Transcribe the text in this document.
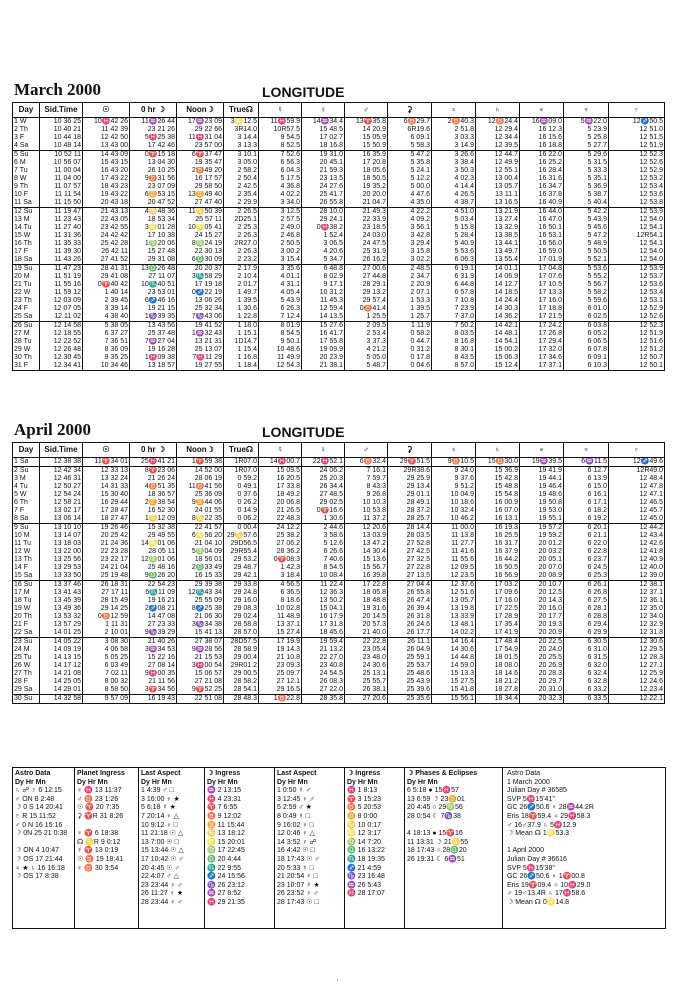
March 2000	LONGITUDE
Day	Sid.Time	☉	0 hr ☽	Noon☽	True☊	☿	♀	♂	⚳	♃	♄	♅	♆	♇
1 W	10 36 25	10♓42 26	11♒26 44	17♒23 09	3♌12.5	11♓59.9	14♒34.4	13♈35.8	6♉29.7	2♉40.3	12♉24.4	16♒09.0	5♒22.0	12♐50.5
2 Th	10 40 21	11 42 39	23 21 26	29 22 66	3R14.0	10R57.5	15 48.5	14 20.9	6R19.6	2 51.8	12 29.4	16 12.3	5 23.9	12 51.0
3 F	10 44 18	12 42 50	5♓25 38	11♓31 04	3 14.4	9 54.5	17 02.7	15 05.9	6 09.1	3 03.3	12 34.4	16 15.6	5 25.8	12 51.5
4 Sa	10 48 14	13 43 00	17 42 46	23 57 00	3 13.3	8 52.5	18 16.8	15 50.9	5 58.3	3 14.9	12 39.5	16 18.8	5 27.7	12 51.9
5 Su	10 52 11	14 43 09	0♈15 18	6♈37 47	3 10.1	7 52.6	19 31.0	16 35.9	5 47.2	3 26.6	12 44.7	16 22.0	5 29.6	12 52.3
6 M	10 56 07	15 43 15	13 04 30	19 35 47	3 05.0	6 56.3	20 45.1	17 20.8	5 35.8	3 38.4	12 49.9	16 25.2	5 31.5	12 52.6
7 Tu	11 00 04	16 43 20	26 10 25	2♉49 20	2 58.2	6 04.3	21 59.3	18 05.6	5 24.1	3 50.3	12 55.1	16 28.4	5 33.3	12 52.9
8 W	11 04 00	17 43 22	9♉31 56	16 17 57	2 50.4	5 17.5	23 13.5	18 50.5	5 12.2	4 02.3	13 00.4	16 31.6	5 35.1	12 53.2
9 Th	11 07 57	18 43 23	23 07 09	29 58 50	2 42.5	4 36.8	24 27.6	19 35.2	5 00.0	4 14.4	13 05.7	16 34.7	5 36.9	12 53.4
10 F	11 11 54	19 43 22	6♊53 15	13♊49 40	2 35.4	4 02.2	25 41.7	20 20.0	4 47.6	4 26.5	13 11.1	16 37.8	5 38.7	12 53.6
11 Sa	11 15 50	20 43 18	20 47 52	27 47 40	2 29.9	3 34.0	26 55.8	21 04.7	4 35.0	4 38.7	13 16.5	16 40.9	5 40.4	12 53.8
12 Su	11 19 47	21 43 13	4♋48 36	11♋50 39	2 26.5	3 12.5	28 10.0	21 49.3	4 22.2	4 51.0	13 21.9	16 44.0	5 42.2	12 53.9
13 M	11 23 43	22 43 05	18 53 34	25 57 11	2D25.1	2 57.5	29 24.1	22 33.9	4 09.2	5 03.4	13 27.4	16 47.0	5 43.9	12 54.0
14 Tu	11 27 40	23 42 55	3♌01 28	10♌05 41	2 25.3	2 49.0	0♓38.2	23 18.5	3 56.1	5 15.8	13 32.9	16 50.1	5 45.6	12 54.1
15 W	11 31 36	24 42 42	17 10 38	24 15 27	2 26.3	2 46.8	1 52.4	24 03.0	3 42.8	5 28.4	13 38.5	16 53.1	5 47.2	12R54.1
16 Th	11 35 33	25 42 28	1♍20 06	8♍24 19	2R27.0	2 50.5	3 06.5	24 47.5	3 29.4	5 40.9	13 44.1	16 56.0	5 48.9	12 54.1
17 F	11 39 30	26 42 11	15 27 48	22 30 13	2 26.3	3 00.2	4 20.6	25 31.9	3 15.8	5 53.6	13 49.7	16 59.0	5 50.5	12 54.0
18 Sa	11 43 26	27 41 52	29 31 08	6♎30 09	2 23.2	3 15.4	5 34.7	26 16.2	3 02.2	6 06.3	13 55.4	17 01.9	5 52.1	12 54.0
19 Su	11 47 23	28 41 31	13♎26 48	20 20 37	2 17.9	3 35.6	6 48.8	27 00.6	2 48.5	6 19.1	14 01.1	17 04.8	5 53.6	12 53.9
20 M	11 51 19	29 41 08	27 11 07	3♏58 29	2 10.4	4 01.1	8 02.9	27 44.8	2 34.7	6 31.9	14 06.9	17 07.6	5 55.2	12 53.7
21 Tu	11 55 16	0♈40 42	10♏40 51	17 19 18	2 01.7	4 31.1	9 17.1	28 29.1	2 20.9	6 44.8	14 12.7	17 10.5	5 56.7	12 53.6
22 W	11 59 12	1 40 14	23 53 01	0♐22 19	1 49.7	4 05.4	10 31.2	29 13.2	2 07.1	6 57.8	14 18.5	17 13.3	5 58.2	12 53.4
23 Th	12 03 09	2 39 45	6♐46 16	13 06 26	1 39.5	5 43.9	11 45.3	29 57.4	1 53.3	7 10.8	14 24.4	17 16.0	5 59.6	12 53.1
24 F	12 07 05	3 39 14	19 21 15	25 32 34	1 30.6	6 26.3	12 59.4	0♉41.4	1 39.5	7 23.9	14 30.3	17 18.8	6 01.0	12 52.9
25 Sa	12 11 02	4 38 40	1♑39 35	7♑43 06	1 22.8	7 12.4	14 13.5	1 25.5	1 25.7	7 37.0	14 36.2	17 21.5	6 02.5	12 52.6
26 Su	12 14 58	5 38 05	13 43 56	19 41 52	1 18.0	8 01.9	15 27.6	2 09.5	1 11.9	7 50.2	14 42.1	17 24.2	6 03.8	12 52.3
27 M	12 18 55	6 37 27	25 37 48	1♒32 43	1 15.1	8 54.5	16 41.7	2 53.4	0 58.2	8 03.5	14 48.1	17 26.8	6 05.2	12 51.9
28 Tu	12 22 52	7 36 51	7♒27 04	13 21 31	1D14.7	9 50.1	17 55.8	3 37.3	0 44.7	8 16.8	14 54.1	17 29.4	6 06.5	12 51.6
29 W	12 26 48	8 36 09	19 16 28	25 13 07	1 15.4	10 48.6	19 09.9	4 21.2	0 31.2	8 30.1	15 00.2	17 32.0	6 07.8	12 51.2
30 Th	12 30 45	9 35 25	1♓09 38	7♓11 29	1 16.8	11 49.9	20 23.9	5 05.0	0 17.8	8 43.5	15 06.3	17 34.6	6 09.1	12 50.7
31 F	12 34 41	10 34 46	13 18 57	19 27 55	1 18.4	12 54.3	21 38.1	5 48.7	0 04.6	8 57.0	15 12.4	17 37.1	6 10.3	12 50.1
April 2000	LONGITUDE
Day	Sid.Time	☉	0 hr ☽	Noon☽	True☊	☿	♀	♂	⚳	♃	♄	♅	♆	♇
1 Sa	12 38 38	11♈34 01	25♓41 21	1♈59 38	1R07.0	14♓00.7	22♓52.1	6♉32.4	29♈51.5	9♉10.5	15♉30.0	19♒39.5	6♒11.5	12♐49.6
2 Su	12 42 34	12 33 13	8♈23 06	14 52 00	1R07.0	15 09.5	24 06.2	7 16.1	29R38.6	9 24.0	15 36.9	19 41.9	6 12.7	12R49.0
3 M	12 46 31	13 32 24	21 26 24	28 06 19	0 59.2	16 20.5	25 20.3	7 59.7	29 25.9	9 37.6	15 42.8	19 44.1	6 13.9	12 48.4
4 Tu	12 50 27	14 31 33	4♉51 35	11♉41 56	0 49.1	17 33.8	26 34.4	8 43.3	29 13.4	9 51.2	15 48.8	19 46.4	6 15.0	12 47.8
5 W	12 54 24	15 30 40	18 36 57	25 36 09	0 37.6	18 49.2	27 48.5	9 26.8	29 01.1	10 04.9	15 54.8	19 48.6	6 16.1	12 47.1
6 Th	12 58 21	16 29 44	2♊38 54	9♊44 06	0 26.2	20 06.8	29 02.5	10 10.3	28 49.1	10 18.6	16 00.9	19 50.8	6 17.1	12 46.5
7 F	13 02 17	17 28 47	16 52 30	24 01 55	0 14.9	21 26.5	0♈16.6	10 53.8	28 37.2	10 32.4	16 07.0	19 53.0	6 18.2	12 45.7
8 Sa	13 06 14	18 27 47	1♋12 09	8♋22 35	0 06.2	22 48.3	1 30.6	11 37.2	28 25.7	10 46.2	16 13.1	19 55.1	6 19.2	12 45.0
9 Su	13 10 10	19 26 46	15 32 38	22 41 57	0 00.4	24 12.2	2 44.6	12 20.6	28 14.4	11 00.0	16 19.3	19 57.2	6 20.1	12 44.2
10 M	13 14 07	20 25 42	29 49 55	6♌56 20	29♋57.6	25 38.2	3 58.6	13 03.9	28 03.5	11 13.8	16 25.5	19 59.2	6 21.1	12 43.4
11 Tu	13 18 03	21 24 36	14♌01 06	21 04 10	29D56.5	27 06.2	5 12.6	13 47.2	27 52.8	11 27.7	16 31.7	20 01.2	6 22.0	12 42.6
12 W	13 22 00	22 23 28	28 05 11	5♍04 09	29R55.4	28 36.2	6 26.6	14 30.4	27 42.5	11 41.6	16 37.9	20 03.2	6 22.8	12 41.8
13 Th	13 25 56	23 22 17	12♍01 06	18 56 01	29 53.2	0♈08.3	7 40.6	15 13.6	27 32.5	11 55.6	16 44.2	20 05.1	6 23.7	12 40.9
14 F	13 29 53	24 21 04	25 48 16	2♎33 49	29 48.7	1 42.3	8 54.5	15 56.7	27 22.8	12 09.5	16 50.5	20 07.0	6 24.5	12 40.0
15 Sa	13 33 50	25 19 48	9♎26 20	16 15 33	29 42.1	3 18.4	10 08.4	16 39.8	27 13.5	12 23.5	16 56.9	20 08.9	6 25.3	12 39.0
16 Su	13 37 46	26 18 31	22 54 23	29 39 38	29 33.8	4 56.5	11 22.4	17 22.8	27 04.4	12 37.6	17 03.2	20 10.7	6 26.1	12 38.1
17 M	13 41 43	27 17 11	6♏11 09	12♏43 34	29 24.8	6 36.5	12 36.3	18 05.8	26 55.8	12 51.6	17 09.6	20 12.5	6 26.8	12 37.1
18 Tu	13 45 39	28 15 49	19 16 21	25 55 09	29 16.0	8 18.6	13 50.2	18 48.8	26 47.4	13 05.7	17 16.0	20 14.3	6 27.5	12 36.1
19 W	13 49 36	29 14 25	2♐08 21	8♐25 38	29 08.3	10 02.8	15 04.1	19 31.6	26 39.4	13 19.8	17 22.5	20 16.0	6 28.1	12 35.0
20 Th	13 53 32	0♉12 59	14 47 08	21 06 30	29 02.4	11 48.9	16 17.9	20 14.5	26 31.8	13 33.9	17 28.9	20 17.7	6 28.8	12 34.0
21 F	13 57 29	1 11 31	27 23 33	3♑34 38	28 58.8	13 37.1	17 31.8	20 57.3	26 24.6	13 48.1	17 35.4	20 19.3	6 29.4	12 32.9
22 Sa	14 01 25	2 10 01	9♑39 29	15 41 13	28 57.0	15 27.4	18 45.6	21 40.0	26 17.7	14 02.2	17 41.9	20 20.9	6 29.9	12 31.8
23 Su	14 05 22	3 08 30	21 40 26	27 38 07	28D57.5	17 19.9	19 59.4	22 22.8	26 11.1	14 16.4	17 48.4	20 22.5	6 30.5	12 30.6
24 M	14 09 19	4 06 58	3♒34 53	9♒28 56	28 58.9	19 14.3	21 13.2	23 05.4	26 04.9	14 30.6	17 54.9	20 24.0	6 31.0	12 29.5
25 Tu	14 13 15	5 05 25	15 22 16	21 15 53	29 00.4	21 10.8	22 27.0	23 48.0	25 59.1	14 44.8	18 01.5	20 25.5	6 31.5	12 28.3
26 W	14 17 12	6 03 49	27 08 14	3♓00 54	29R01.2	23 09.3	23 40.8	24 30.6	25 53.7	14 59.0	18 08.0	20 26.9	6 32.0	12 27.1
27 Th	14 21 08	7 02 11	9♓00 35	15 06 57	29 00.5	25 09.7	24 54.5	25 13.1	25 48.6	15 13.3	18 14.6	20 28.3	6 32.4	12 25.9
28 F	14 25 05	8 00 32	21 11 56	27 21 08	28 58.2	27 12.1	26 08.3	25 55.7	25 43.9	15 27.5	18 21.2	20 29.7	6 32.8	12 24.6
29 Sa	14 29 01	8 58 50	3♈34 56	9♈52 25	28 54.1	29 16.5	27 22.0	26 38.1	25 39.6	15 41.8	18 27.8	20 31.0	6 33.2	12 23.4
30 Su	14 32 58	9 57 09	16 19 43	22 51 08	28 48.3	1♉22.8	28 35.8	27 20.6	25 35.6	15 56.1	18 34.4	20 32.3	6 33.5	12 22.1
Astro Data
Dy Hr Mn
♄ ☍ ♇ 6 12:15
♂ ON 8 2:48
☽ 0 S 14 20:41
♇ R 15 11:52
♂ 0 N 16 15:16
☽ 0N 25 21 0:38

☽ ON 4 10:47
☽ OS 17 21:44
♃ ★ ♄ 16 16:18
☽ OS 17 8:38
Planet Ingress
Dy Hr Mn
♀ ♓ 13 11:37
♂ ♉ 23 1:26
☉ ♈ 20 7:35
⚳ ♈R 31 8:26

♀ ♈ 6 18:38
☊ ♋R 9 0:12
☿ ♈ 13 0:19
☉ ♉ 19 18:41
♀ ♉ 30 3:54
Last Aspect
Dy Hr Mn
1 4:39 ♂ □
3 16:00 ♀ ★
5 6:18 ☿ ★
7 20:14 ♀ △
10 9:12 ♀ □
11 21:18 ☉ △
13 7:00 ☉ □
15 13:44 ☉ △
17 10:42 ☉ ♂
20 4:45 ☉ ♂
22 4:07 ♂ △
23 23:44 ♀ ♂
26 11:27 ♀ ★
28 23:44 ♀ ♂
☽ Ingress
Dy Hr Mn
♒ 2 13:15
♓ 4 23:31
♈ 7 6:55
♉ 9 12:02
♊ 11 15:44
♋ 13 18:12
♌ 15 20:01
♍ 17 22:45
♎ 20 4:44
♏ 22 9:55
♐ 24 15:56
♑ 26 23:12
♒ 27 8:52
♓ 29 21:35
Last Aspect
Dy Hr Mn
1 0:50 ☿ ♂
3 12:45 ♀ ♂
5 2:59 ♂ ★
8 0:49 ☿ □
9 16:02 ♀ □
12 0:46 ♀ △
14 3:52 ♀ ☍
16 4:42 ☉ □
18 17:43 ☉ ♂
20 5:33 ☿ □
21 20:54 ♀ □
23 10:07 ☿ ★
26 23:52 ♀ ♂
28 17:43 ☉ □
☽ Ingress
Dy Hr Mn
♓ 1 8:13
♈ 3 15:23
♉ 5 20:53
♊ 8 0:00
♋ 10 0:17
♌ 12 3:17
♍ 14 7:20
♎ 16 13:22
♏ 18 19:35
♐ 21 4:59
♑ 23 16:48
♒ 26 5:43
♓ 28 17:07
☽ Phases & Eclipses
Dy Hr Mn
6 5:18 ● 15♓57
13 6:59 ☽ 23♊01
20 4:45 ○ 29♍56
28 0:54 ☾ 7♑38

4 18:13 ● 15♈16
11 13:31 ☽ 21♋55
18 17:43 ○ 28♎20
26 19:31 ☾ 6♒51
Astro Data
1 March 2000
Julian Day # 36585
SVP 5♓15'41"
GC 26♐50.6 ♀ 28♒44.2R
Eris 18♈59.4 ♃ 29♓58.3
♂ 16♂37.9 ♄ 5♓12.9
☽ Mean ☊ 1♌53.3

1 April 2000
Julian Day # 36616
SVP 5♓15'38"
GC 26♐50.6 ♀ 1♈00.8
Eris 19♈09.4 ♃ 10♓29.0
♂ 19♂13.4R ♄ 17♓58.6
☽ Mean ☊ 0♌14.8
'
